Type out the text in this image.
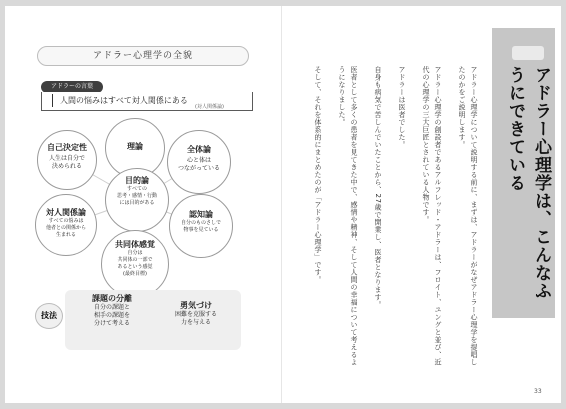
アドラー心理学の全貌
アドラーの言葉
人間の悩みはすべて対人関係にある
(対人関係論)
自己決定性
人生は自分で
決められる
理論	全体論
心と体は
つながっている
目的論
すべての
思考・感情・行動
には目的がある
対人関係論
すべての悩みは
他者との関係から
生まれる
認知論
自分のものさしで
物事を見ている
共同体感覚
自分は
共同体の一部で
あるという感覚
(最終目標)
技法
課題の分離
自分の課題と
相手の課題を
分けて考える
勇気づけ
困難を克服する
力を与える
アドラー心理学は、こんなふうにできている

アドラー心理学について説明する前に、まずは、アドラーがなぜアドラー心理学を提唱したのかをご説明します。

アドラー心理学の創設者であるアルフレッド・アドラーは、フロイト、ユングと並び、近代の心理学の三大巨匠とされている人物です。

アドラーは医者でした。

自身も病気で苦しんでいたことから、27歳で開業し、医者となります。

医者として多くの患者を見てきた中で、感情や精神、そして人間の幸福について考えるようになりました。

そして、それを体系的にまとめたのが「アドラー心理学」です。

33
